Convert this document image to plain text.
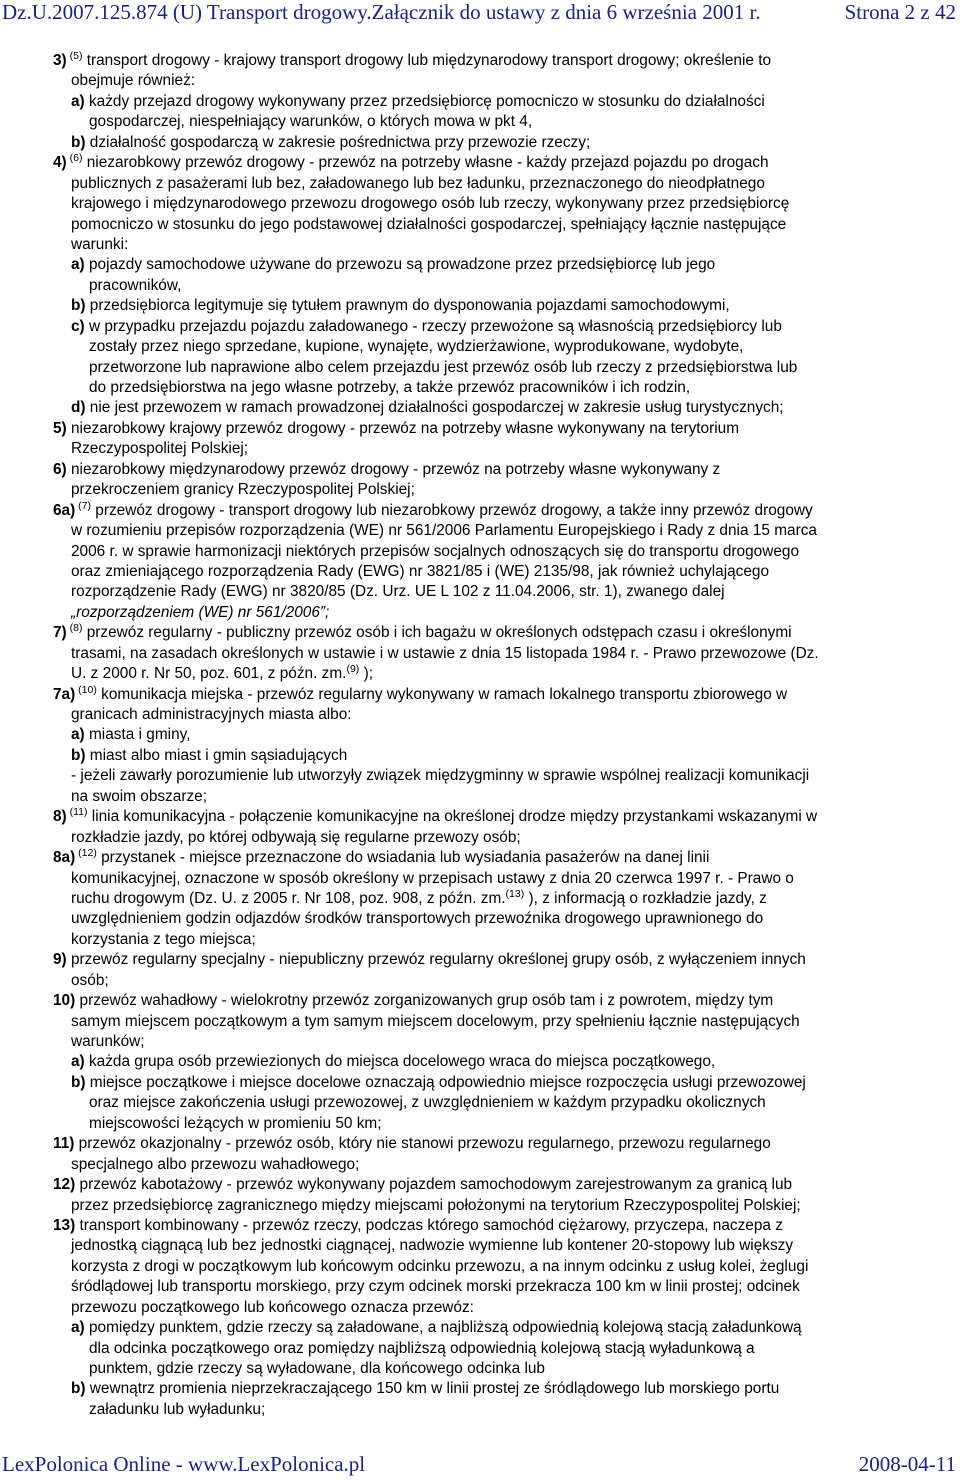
Dz.U.2007.125.874 (U) Transport drogowy.Załącznik do ustawy z dnia 6 września 2001 r.	Strona 2 z 42
3) $^{(5)}$ transport drogowy - krajowy transport drogowy lub międzynarodowy transport drogowy; określenie to
obejmuje również:
a) każdy przejazd drogowy wykonywany przez przedsiębiorcę pomocniczo w stosunku do działalności
gospodarczej, niespełniający warunków, o których mowa w pkt 4,
b) działalność gospodarczą w zakresie pośrednictwa przy przewozie rzeczy;
4) $^{(6)}$ niezarobkowy przewóz drogowy - przewóz na potrzeby własne - każdy przejazd pojazdu po drogach
publicznych z pasażerami lub bez, załadowanego lub bez ładunku, przeznaczonego do nieodpłatnego
krajowego i międzynarodowego przewozu drogowego osób lub rzeczy, wykonywany przez przedsiębiorcę
pomocniczo w stosunku do jego podstawowej działalności gospodarczej, spełniający łącznie następujące
warunki:
a) pojazdy samochodowe używane do przewozu są prowadzone przez przedsiębiorcę lub jego
pracowników,
b) przedsiębiorca legitymuje się tytułem prawnym do dysponowania pojazdami samochodowymi,
c) w przypadku przejazdu pojazdu załadowanego - rzeczy przewożone są własnością przedsiębiorcy lub
zostały przez niego sprzedane, kupione, wynajęte, wydzierżawione, wyprodukowane, wydobyte,
przetworzone lub naprawione albo celem przejazdu jest przewóz osób lub rzeczy z przedsiębiorstwa lub
do przedsiębiorstwa na jego własne potrzeby, a także przewóz pracowników i ich rodzin,
d) nie jest przewozem w ramach prowadzonej działalności gospodarczej w zakresie usług turystycznych;
5) niezarobkowy krajowy przewóz drogowy - przewóz na potrzeby własne wykonywany na terytorium
Rzeczypospolitej Polskiej;
6) niezarobkowy międzynarodowy przewóz drogowy - przewóz na potrzeby własne wykonywany z
przekroczeniem granicy Rzeczypospolitej Polskiej;
6a) $^{(7)}$ przewóz drogowy - transport drogowy lub niezarobkowy przewóz drogowy, a także inny przewóz drogowy
w rozumieniu przepisów rozporządzenia (WE) nr 561/2006 Parlamentu Europejskiego i Rady z dnia 15 marca
2006 r. w sprawie harmonizacji niektórych przepisów socjalnych odnoszących się do transportu drogowego
oraz zmieniającego rozporządzenia Rady (EWG) nr 3821/85 i (WE) 2135/98, jak również uchylającego
rozporządzenie Rady (EWG) nr 3820/85 (Dz. Urz. UE L 102 z 11.04.2006, str. 1), zwanego dalej
„rozporządzeniem (WE) nr 561/2006”;
7) $^{(8)}$ przewóz regularny - publiczny przewóz osób i ich bagażu w określonych odstępach czasu i określonymi
trasami, na zasadach określonych w ustawie i w ustawie z dnia 15 listopada 1984 r. - Prawo przewozowe (Dz.
U. z 2000 r. Nr 50, poz. 601, z późn. zm.$^{(9)}$ );
7a) $^{(10)}$ komunikacja miejska - przewóz regularny wykonywany w ramach lokalnego transportu zbiorowego w
granicach administracyjnych miasta albo:
a) miasta i gminy,
b) miast albo miast i gmin sąsiadujących
- jeżeli zawarły porozumienie lub utworzyły związek międzygminny w sprawie wspólnej realizacji komunikacji
na swoim obszarze;
8) $^{(11)}$ linia komunikacyjna - połączenie komunikacyjne na określonej drodze między przystankami wskazanymi w
rozkładzie jazdy, po której odbywają się regularne przewozy osób;
8a) $^{(12)}$ przystanek - miejsce przeznaczone do wsiadania lub wysiadania pasażerów na danej linii
komunikacyjnej, oznaczone w sposób określony w przepisach ustawy z dnia 20 czerwca 1997 r. - Prawo o
ruchu drogowym (Dz. U. z 2005 r. Nr 108, poz. 908, z późn. zm.$^{(13)}$ ), z informacją o rozkładzie jazdy, z
uwzględnieniem godzin odjazdów środków transportowych przewoźnika drogowego uprawnionego do
korzystania z tego miejsca;
9) przewóz regularny specjalny - niepubliczny przewóz regularny określonej grupy osób, z wyłączeniem innych
osób;
10) przewóz wahadłowy - wielokrotny przewóz zorganizowanych grup osób tam i z powrotem, między tym
samym miejscem początkowym a tym samym miejscem docelowym, przy spełnieniu łącznie następujących
warunków;
a) każda grupa osób przewiezionych do miejsca docelowego wraca do miejsca początkowego,
b) miejsce początkowe i miejsce docelowe oznaczają odpowiednio miejsce rozpoczęcia usługi przewozowej
oraz miejsce zakończenia usługi przewozowej, z uwzględnieniem w każdym przypadku okolicznych
miejscowości leżących w promieniu 50 km;
11) przewóz okazjonalny - przewóz osób, który nie stanowi przewozu regularnego, przewozu regularnego
specjalnego albo przewozu wahadłowego;
12) przewóz kabotażowy - przewóz wykonywany pojazdem samochodowym zarejestrowanym za granicą lub
przez przedsiębiorcę zagranicznego między miejscami położonymi na terytorium Rzeczypospolitej Polskiej;
13) transport kombinowany - przewóz rzeczy, podczas którego samochód ciężarowy, przyczepa, naczepa z
jednostką ciągnącą lub bez jednostki ciągnącej, nadwozie wymienne lub kontener 20-stopowy lub większy
korzysta z drogi w początkowym lub końcowym odcinku przewozu, a na innym odcinku z usług kolei, żeglugi
śródlądowej lub transportu morskiego, przy czym odcinek morski przekracza 100 km w linii prostej; odcinek
przewozu początkowego lub końcowego oznacza przewóz:
a) pomiędzy punktem, gdzie rzeczy są załadowane, a najbliższą odpowiednią kolejową stacją załadunkową
dla odcinka początkowego oraz pomiędzy najbliższą odpowiednią kolejową stacją wyładunkową a
punktem, gdzie rzeczy są wyładowane, dla końcowego odcinka lub
b) wewnątrz promienia nieprzekraczającego 150 km w linii prostej ze śródlądowego lub morskiego portu
załadunku lub wyładunku;
LexPolonica Online - www.LexPolonica.pl	2008-04-11
